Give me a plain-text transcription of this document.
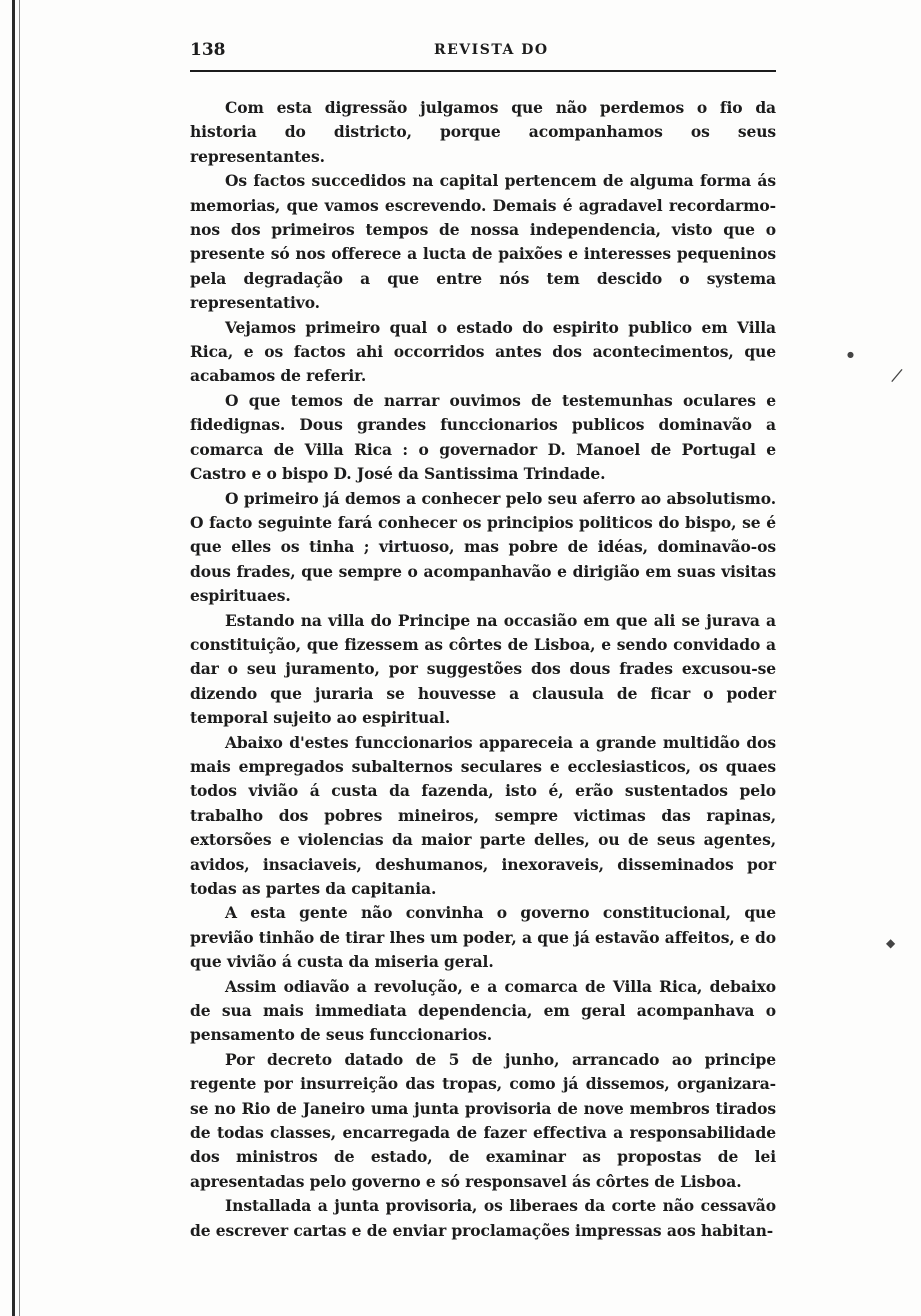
138	REVISTA DO

Com esta digressão julgamos que não perdemos o fio da historia do districto, porque acompanhamos os seus representantes.

Os factos succedidos na capital pertencem de alguma forma ás memorias, que vamos escrevendo. Demais é agradavel recordarmo-nos dos primeiros tempos de nossa independencia, visto que o presente só nos offerece a lucta de paixões e interesses pequeninos pela degradação a que entre nós tem descido o systema representativo.

Vejamos primeiro qual o estado do espirito publico em Villa Rica, e os factos ahi occorridos antes dos acontecimentos, que acabamos de referir.

O que temos de narrar ouvimos de testemunhas oculares e fidedignas. Dous grandes funccionarios publicos dominavão a comarca de Villa Rica : o governador D. Manoel de Portugal e Castro e o bispo D. José da Santissima Trindade.

O primeiro já demos a conhecer pelo seu aferro ao absolutismo. O facto seguinte fará conhecer os principios politicos do bispo, se é que elles os tinha ; virtuoso, mas pobre de idéas, dominavão-os dous frades, que sempre o acompanhavão e dirigião em suas visitas espirituaes.

Estando na villa do Principe na occasião em que ali se jurava a constituição, que fizessem as côrtes de Lisboa, e sendo convidado a dar o seu juramento, por suggestões dos dous frades excusou-se dizendo que juraria se houvesse a clausula de ficar o poder temporal sujeito ao espiritual.

Abaixo d'estes funccionarios appareceia a grande multidão dos mais empregados subalternos seculares e ecclesiasticos, os quaes todos vivião á custa da fazenda, isto é, erão sustentados pelo trabalho dos pobres mineiros, sempre victimas das rapinas, extorsões e violencias da maior parte delles, ou de seus agentes, avidos, insaciaveis, deshumanos, inexoraveis, disseminados por todas as partes da capitania.

A esta gente não convinha o governo constitucional, que previão tinhão de tirar lhes um poder, a que já estavão affeitos, e do que vivião á custa da miseria geral.

Assim odiavão a revolução, e a comarca de Villa Rica, debaixo de sua mais immediata dependencia, em geral acompanhava o pensamento de seus funccionarios.

Por decreto datado de 5 de junho, arrancado ao principe regente por insurreição das tropas, como já dissemos, organizara-se no Rio de Janeiro uma junta provisoria de nove membros tirados de todas classes, encarregada de fazer effectiva a responsabilidade dos ministros de estado, de examinar as propostas de lei apresentadas pelo governo e só responsavel ás côrtes de Lisboa.

Installada a junta provisoria, os liberaes da corte não cessavão de escrever cartas e de enviar proclamações impressas aos habitan-

|
◆
●
